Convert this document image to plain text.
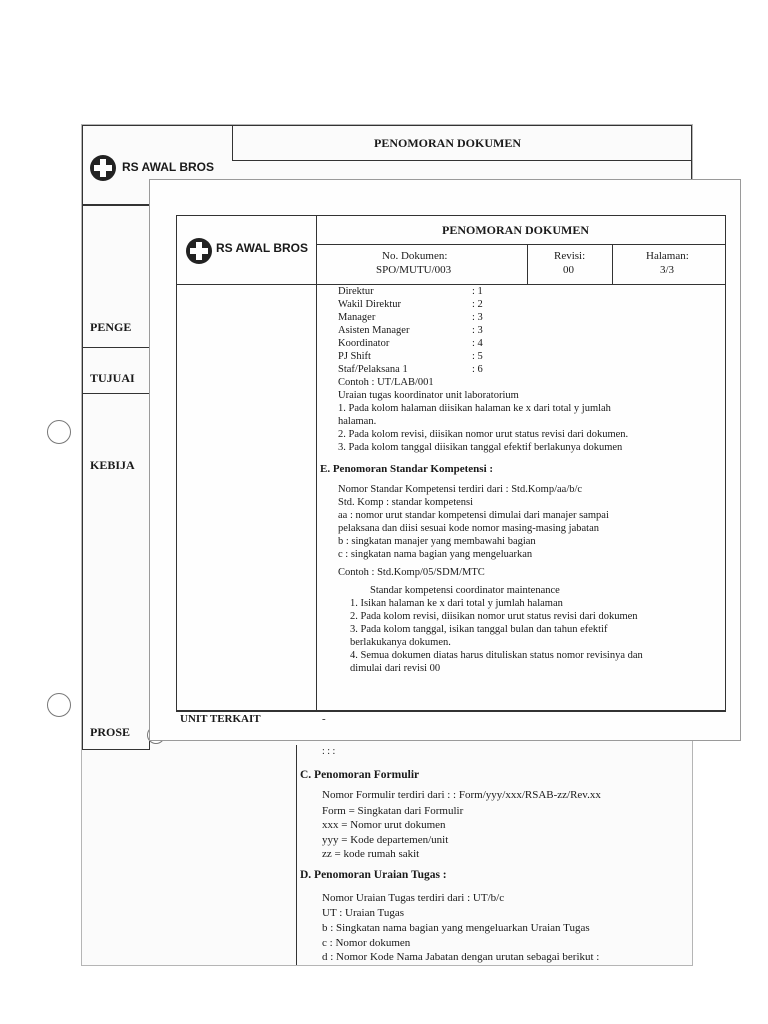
RS AWAL BROS
PENOMORAN DOKUMEN
PENGE
TUJUAI
KEBIJA
PROSE
: : :
C. Penomoran Formulir
Nomor Formulir terdiri dari : : Form/yyy/xxx/RSAB-zz/Rev.xx
Form = Singkatan dari Formulir
xxx = Nomor urut dokumen
yyy = Kode departemen/unit
zz = kode rumah sakit
D. Penomoran Uraian Tugas :
Nomor Uraian Tugas terdiri dari : UT/b/c
UT : Uraian Tugas
b : Singkatan nama bagian yang mengeluarkan Uraian Tugas
c : Nomor dokumen
d : Nomor Kode Nama Jabatan dengan urutan sebagai berikut :
RS AWAL BROS
PENOMORAN DOKUMEN
No. Dokumen:
SPO/MUTU/003
Revisi:
00
Halaman:
3/3
Direktur	: 1
Wakil Direktur	: 2
Manager	: 3
Asisten Manager	: 3
Koordinator	: 4
PJ Shift	: 5
Staf/Pelaksana 1	: 6
Contoh : UT/LAB/001
Uraian tugas koordinator unit laboratorium
1. Pada kolom halaman diisikan halaman ke x dari total y jumlah
halaman.
2. Pada kolom revisi, diisikan nomor urut status revisi dari dokumen.
3. Pada kolom tanggal diisikan tanggal efektif berlakunya dokumen
E. Penomoran Standar Kompetensi :
Nomor Standar Kompetensi terdiri dari : Std.Komp/aa/b/c
Std. Komp : standar kompetensi
aa : nomor urut standar kompetensi dimulai dari manajer sampai
pelaksana dan diisi sesuai kode nomor masing-masing jabatan
b : singkatan manajer yang membawahi bagian
c : singkatan nama bagian yang mengeluarkan
Contoh : Std.Komp/05/SDM/MTC
Standar kompetensi coordinator maintenance
1. Isikan halaman ke x dari total y jumlah halaman
2. Pada kolom revisi, diisikan nomor urut status revisi dari dokumen
3. Pada kolom tanggal, isikan tanggal bulan dan tahun efektif
berlakukanya dokumen.
4. Semua dokumen diatas harus dituliskan status nomor revisinya dan
dimulai dari revisi 00
UNIT TERKAIT	-
